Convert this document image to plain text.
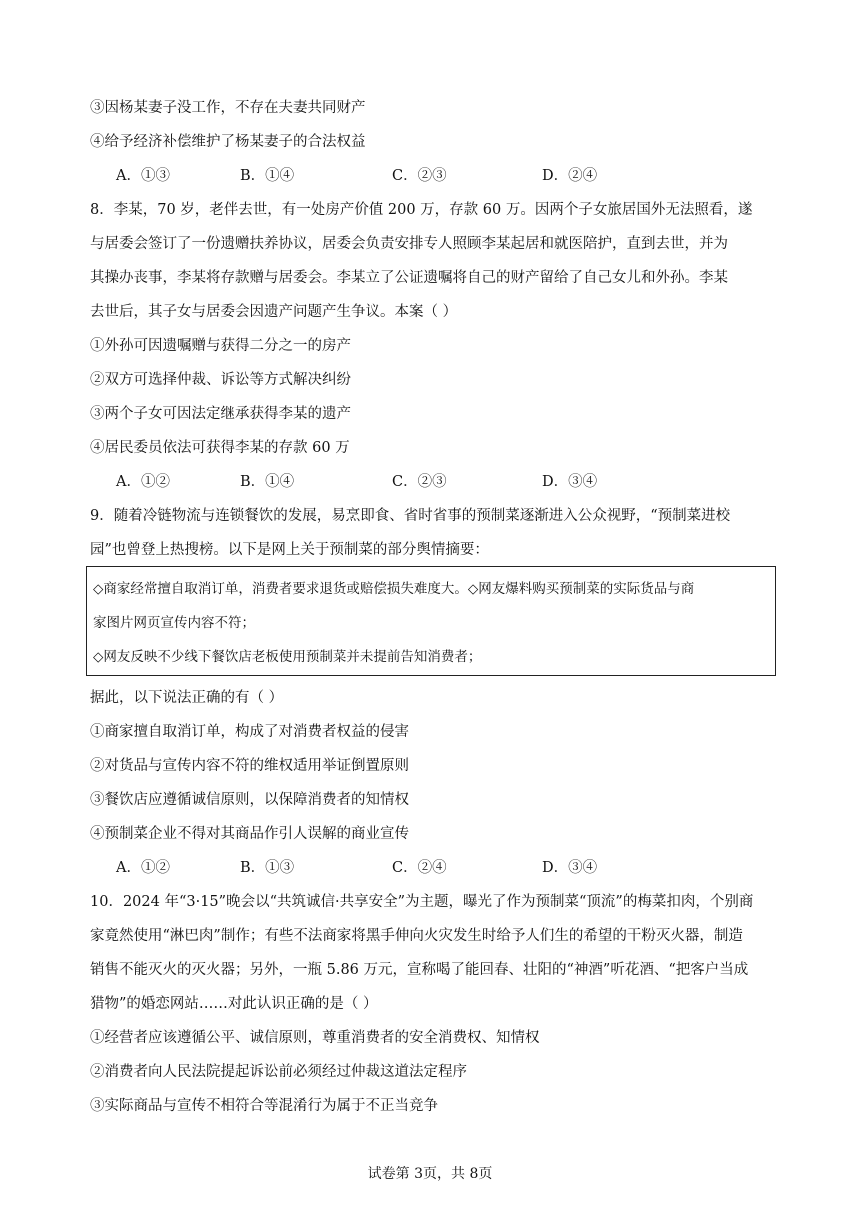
③因杨某妻子没工作，不存在夫妻共同财产
④给予经济补偿维护了杨某妻子的合法权益
A．①③	B．①④	C．②③	D．②④
8．李某，70 岁，老伴去世，有一处房产价值 200 万，存款 60 万。因两个子女旅居国外无法照看，遂
与居委会签订了一份遗赠扶养协议，居委会负责安排专人照顾李某起居和就医陪护，直到去世，并为
其操办丧事，李某将存款赠与居委会。李某立了公证遗嘱将自己的财产留给了自己女儿和外孙。李某
去世后，其子女与居委会因遗产问题产生争议。本案（ ）
①外孙可因遗嘱赠与获得二分之一的房产
②双方可选择仲裁、诉讼等方式解决纠纷
③两个子女可因法定继承获得李某的遗产
④居民委员依法可获得李某的存款 60 万
A．①②	B．①④	C．②③	D．③④
9．随着冷链物流与连锁餐饮的发展，易烹即食、省时省事的预制菜逐渐进入公众视野，“预制菜进校
园”也曾登上热搜榜。以下是网上关于预制菜的部分舆情摘要：
◇商家经常擅自取消订单，消费者要求退货或赔偿损失难度大。◇网友爆料购买预制菜的实际货品与商
家图片网页宣传内容不符；
◇网友反映不少线下餐饮店老板使用预制菜并未提前告知消费者；
据此，以下说法正确的有（ ）
①商家擅自取消订单，构成了对消费者权益的侵害
②对货品与宣传内容不符的维权适用举证倒置原则
③餐饮店应遵循诚信原则，以保障消费者的知情权
④预制菜企业不得对其商品作引人误解的商业宣传
A．①②	B．①③	C．②④	D．③④
10．2024 年“3·15”晚会以“共筑诚信·共享安全”为主题，曝光了作为预制菜“顶流”的梅菜扣肉，个别商
家竟然使用“淋巴肉”制作；有些不法商家将黑手伸向火灾发生时给予人们生的希望的干粉灭火器，制造
销售不能灭火的灭火器；另外，一瓶 5.86 万元，宣称喝了能回春、壮阳的“神酒”听花酒、“把客户当成
猎物”的婚恋网站……对此认识正确的是（ ）
①经营者应该遵循公平、诚信原则，尊重消费者的安全消费权、知情权
②消费者向人民法院提起诉讼前必须经过仲裁这道法定程序
③实际商品与宣传不相符合等混淆行为属于不正当竞争
试卷第 3页，共 8页
